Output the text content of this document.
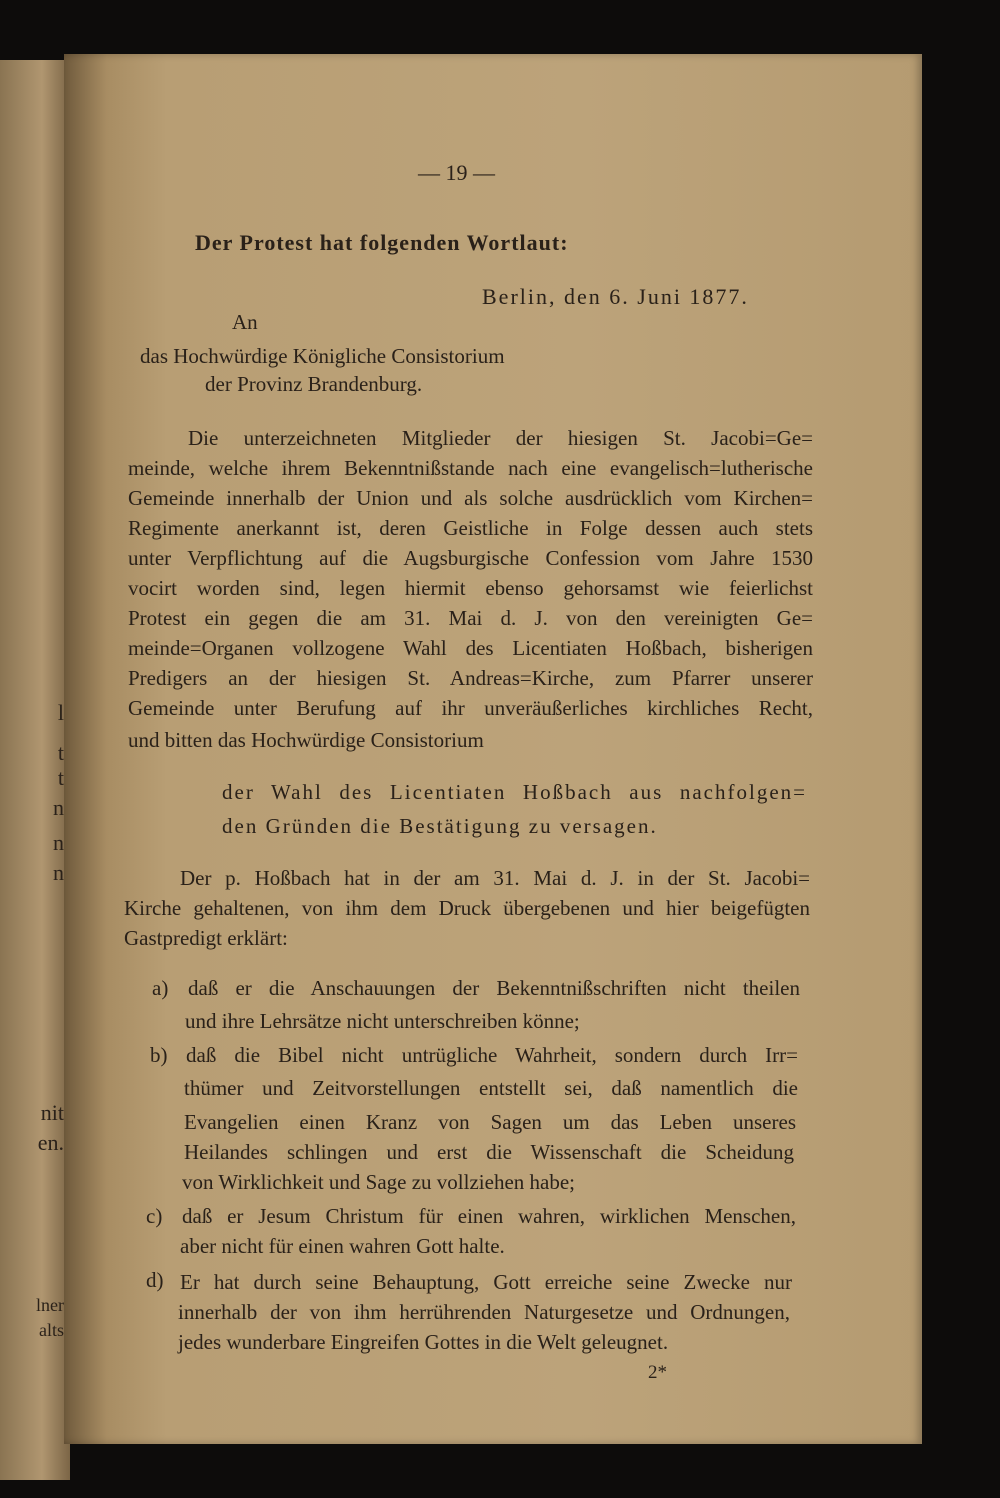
l
t
t
n
n
n
nit
en.
lner
alts
— 19 —
Der Protest hat folgenden Wortlaut:
Berlin, den 6. Juni 1877.
An
das Hochwürdige Königliche Consistorium
der Provinz Brandenburg.
Die unterzeichneten Mitglieder der hiesigen St. Jacobi=Ge=
meinde, welche ihrem Bekenntnißstande nach eine evangelisch=lutherische
Gemeinde innerhalb der Union und als solche ausdrücklich vom Kirchen=
Regimente anerkannt ist, deren Geistliche in Folge dessen auch stets
unter Verpflichtung auf die Augsburgische Confession vom Jahre 1530
vocirt worden sind, legen hiermit ebenso gehorsamst wie feierlichst
Protest ein gegen die am 31. Mai d. J. von den vereinigten Ge=
meinde=Organen vollzogene Wahl des Licentiaten Hoßbach, bisherigen
Predigers an der hiesigen St. Andreas=Kirche, zum Pfarrer unserer
Gemeinde unter Berufung auf ihr unveräußerliches kirchliches Recht,
und bitten das Hochwürdige Consistorium
der Wahl des Licentiaten Hoßbach aus nachfolgen=
den Gründen die Bestätigung zu versagen.
Der p. Hoßbach hat in der am 31. Mai d. J. in der St. Jacobi=
Kirche gehaltenen, von ihm dem Druck übergebenen und hier beigefügten
Gastpredigt erklärt:
a) daß er die Anschauungen der Bekenntnißschriften nicht theilen
und ihre Lehrsätze nicht unterschreiben könne;
b) daß die Bibel nicht untrügliche Wahrheit, sondern durch Irr=
thümer und Zeitvorstellungen entstellt sei, daß namentlich die
Evangelien einen Kranz von Sagen um das Leben unseres
Heilandes schlingen und erst die Wissenschaft die Scheidung
von Wirklichkeit und Sage zu vollziehen habe;
c) daß er Jesum Christum für einen wahren, wirklichen Menschen,
aber nicht für einen wahren Gott halte.
d) Er hat durch seine Behauptung, Gott erreiche seine Zwecke nur
innerhalb der von ihm herrührenden Naturgesetze und Ordnungen,
jedes wunderbare Eingreifen Gottes in die Welt geleugnet.
2*
